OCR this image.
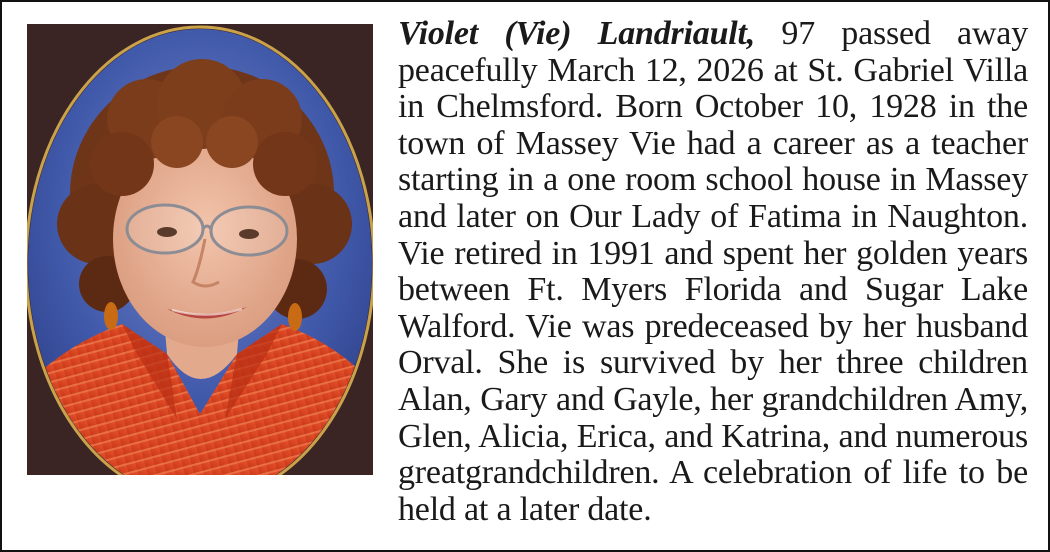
Violet (Vie) Landriault, 97 passed away peacefully March 12, 2026 at St. Gabriel Villa in Chelmsford. Born October 10, 1928 in the town of Massey Vie had a career as a teacher starting in a one room school house in Massey and later on Our Lady of Fatima in Naughton. Vie retired in 1991 and spent her golden years between Ft. Myers Florida and Sugar Lake Walford. Vie was predeceased by her husband Orval. She is survived by her three children Alan, Gary and Gayle, her grandchildren Amy, Glen, Alicia, Erica, and Katrina, and numerous greatgrandchildren. A celebration of life to be held at a later date.
